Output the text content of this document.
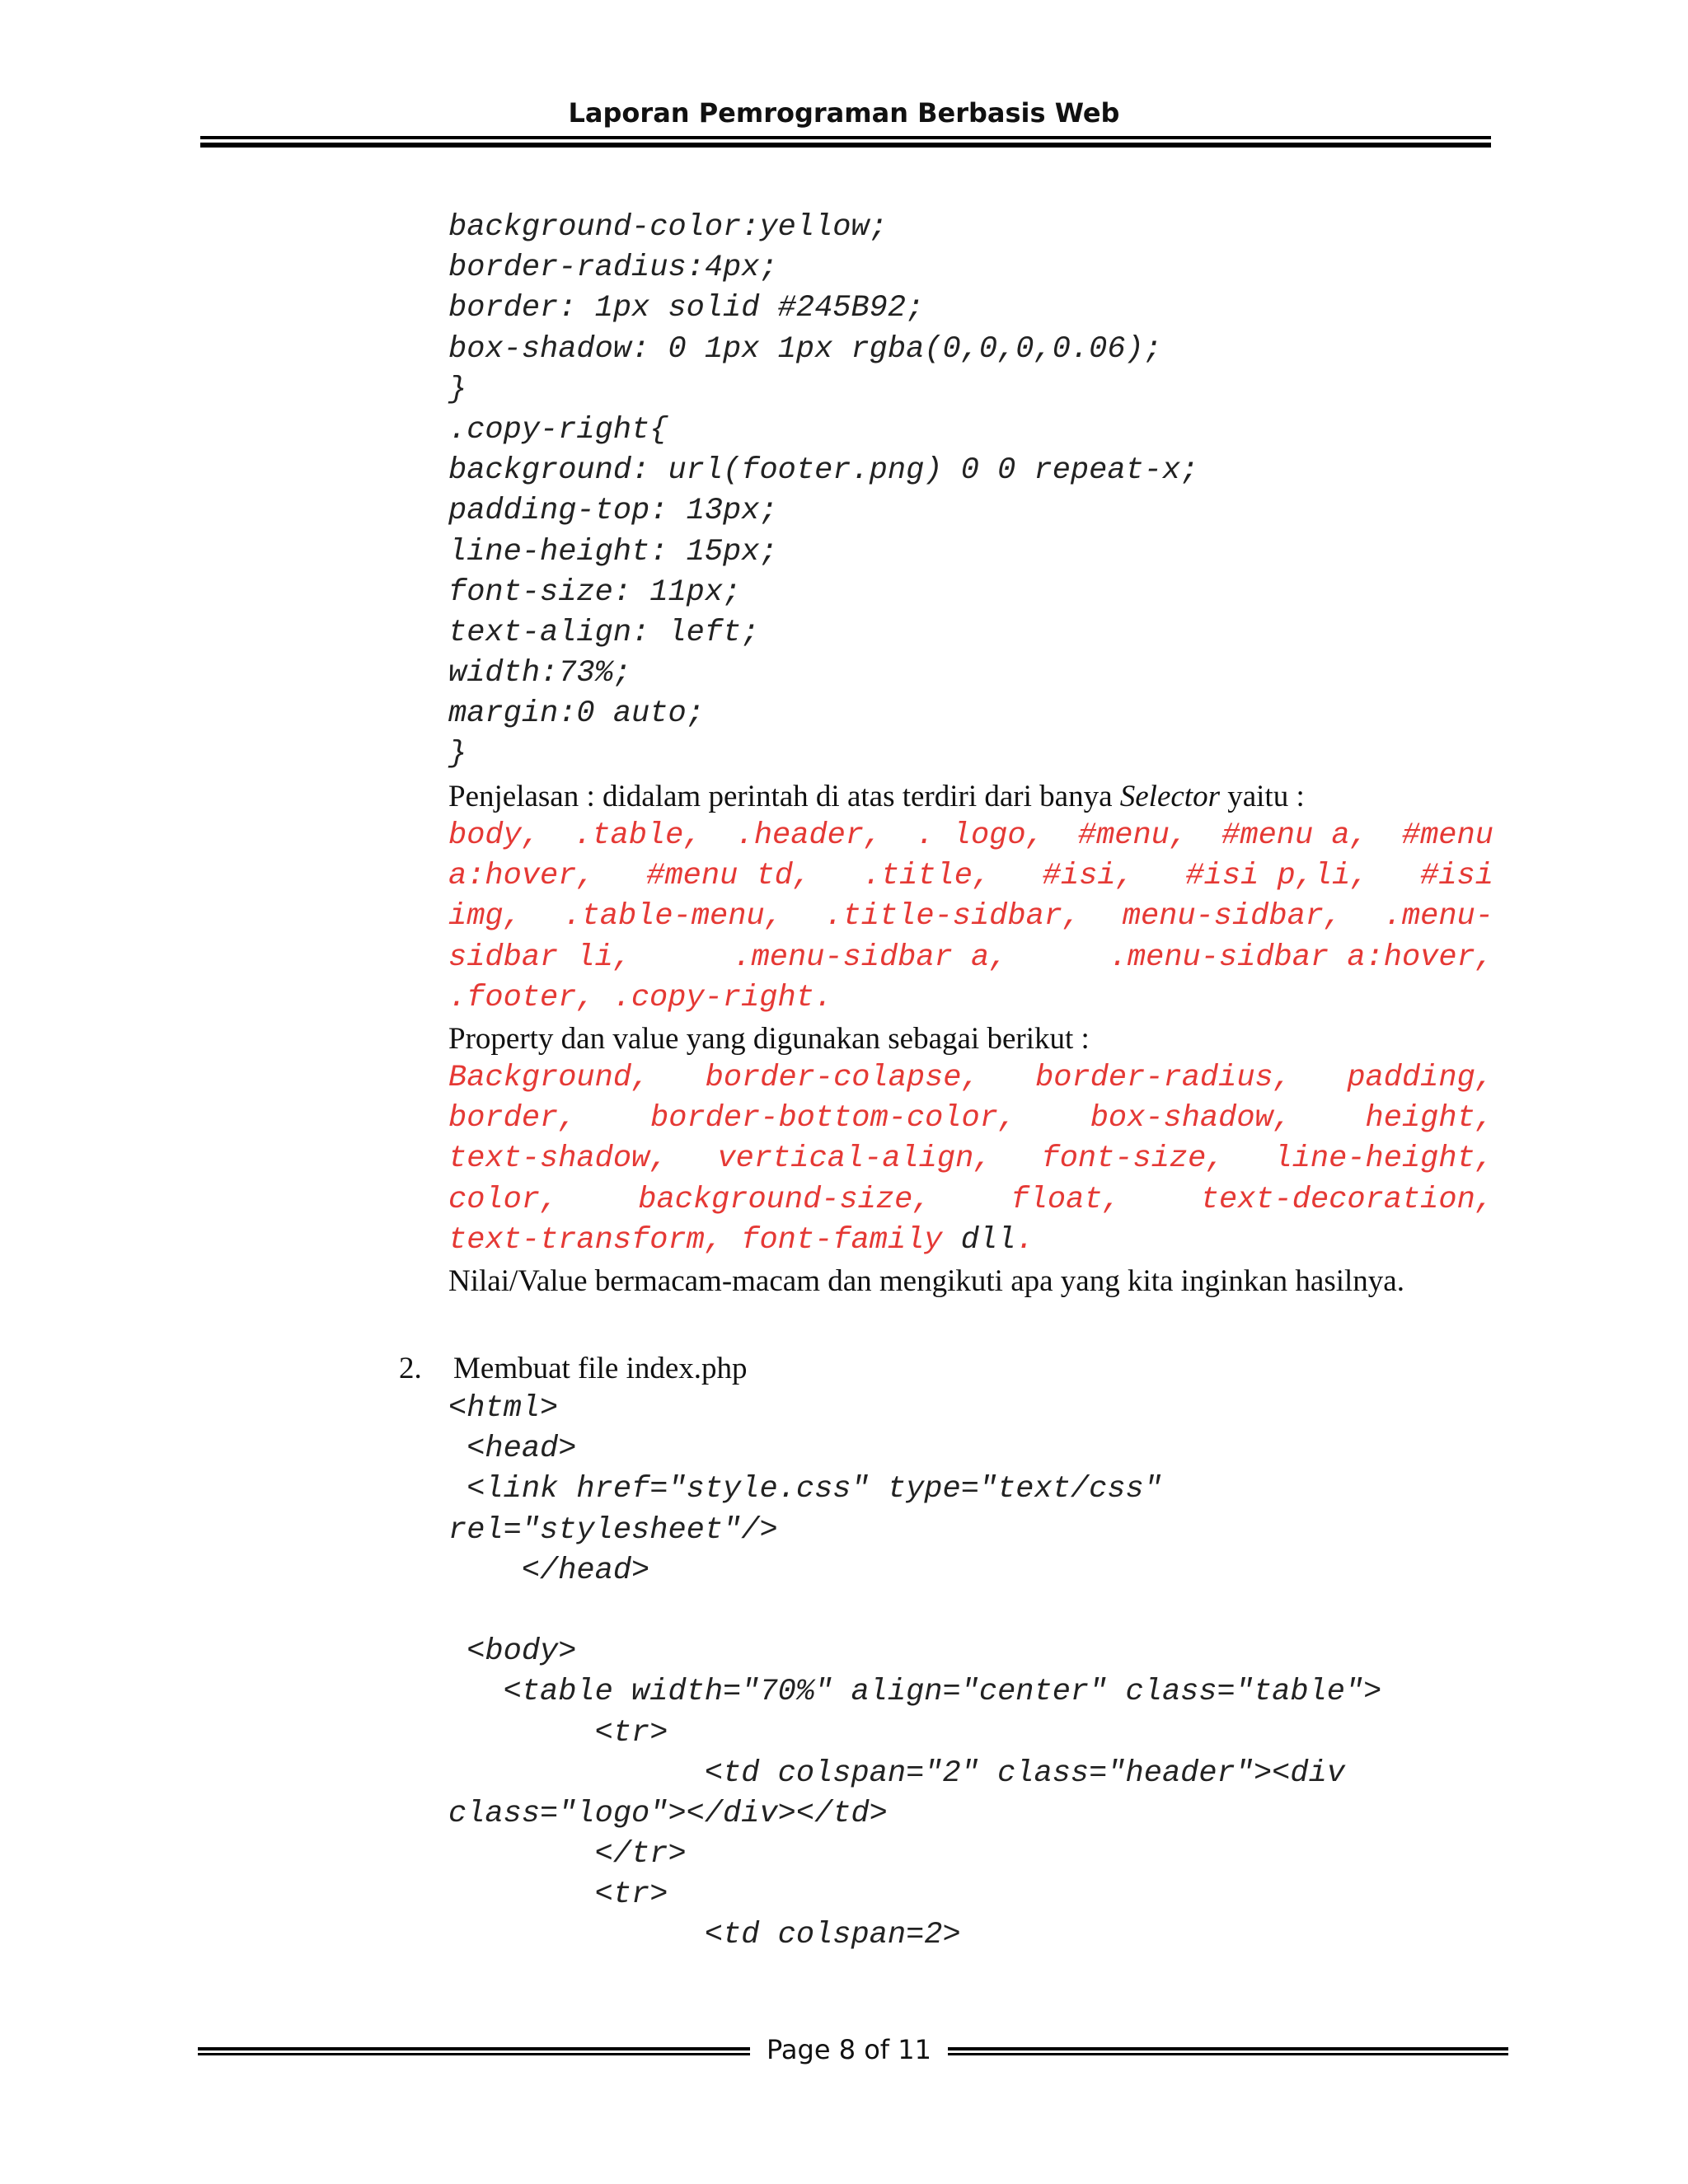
Laporan Pemrograman Berbasis Web
background-color:yellow;
border-radius:4px;
border: 1px solid #245B92;
box-shadow: 0 1px 1px rgba(0,0,0,0.06);
}
.copy-right{
background: url(footer.png) 0 0 repeat-x;
padding-top: 13px;
line-height: 15px;
font-size: 11px;
text-align: left;
width:73%;
margin:0 auto;
}
Penjelasan : didalam perintah di atas terdiri dari banya Selector yaitu :
body, .table, .header, . logo, #menu, #menu a, #menu
a:hover, #menu td, .title, #isi, #isi p,li, #isi
img, .table-menu, .title-sidbar, menu-sidbar, .menu-
sidbar li,	.menu-sidbar a,	.menu-sidbar a:hover,
.footer, .copy-right.
Property dan value yang digunakan sebagai berikut :
Background, border-colapse, border-radius, padding,
border, border-bottom-color, box-shadow, height,
text-shadow, vertical-align, font-size, line-height,
color,	background-size,	float,	text-decoration,
text-transform, font-family dll .
Nilai/Value bermacam-macam dan mengikuti apa yang kita inginkan hasilnya.
2. Membuat file index.php
<html>
<head>
<link href="style.css" type="text/css"
rel="stylesheet"/>
</head>
<body>
<table width="70%" align="center" class="table">
<tr>
<td colspan="2" class="header"><div
class="logo"></div></td>
</tr>
<tr>
<td colspan=2>
Page 8 of 11
